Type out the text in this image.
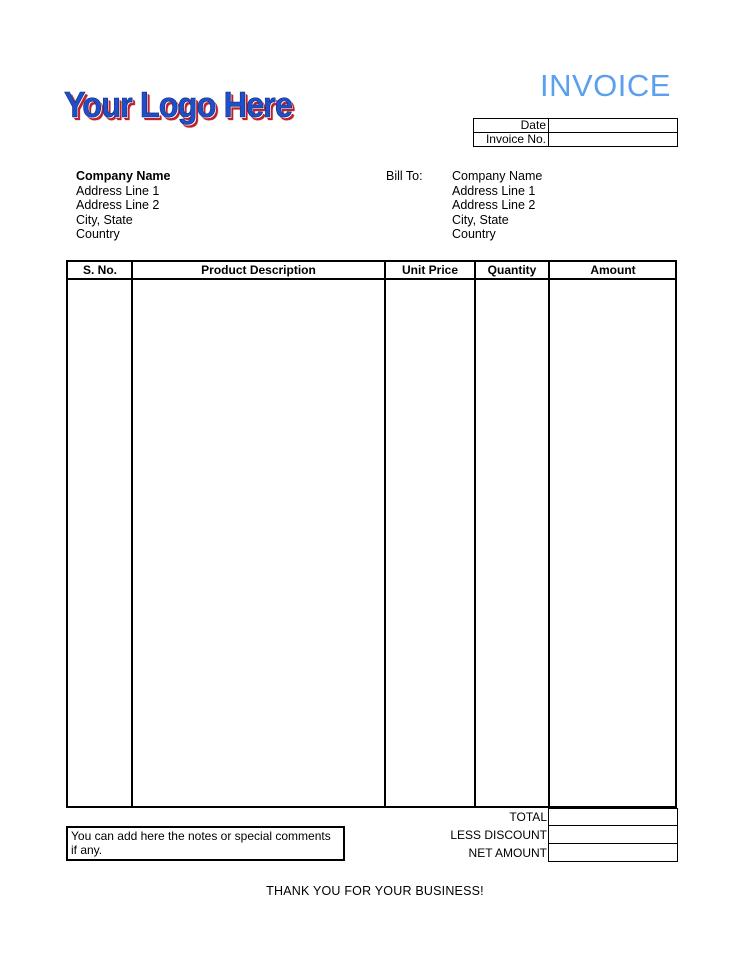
Your Logo Here	INVOICE
Date	
Invoice No.	
Company Name
Address Line 1
Address Line 2
City, State
Country
Bill To: Company Name
Address Line 1
Address Line 2
City, State
Country
S. No.	Product Description	Unit Price	Quantity	Amount
TOTAL
LESS DISCOUNT
NET AMOUNT
You can add here the notes or special comments if any.
THANK YOU FOR YOUR BUSINESS!
